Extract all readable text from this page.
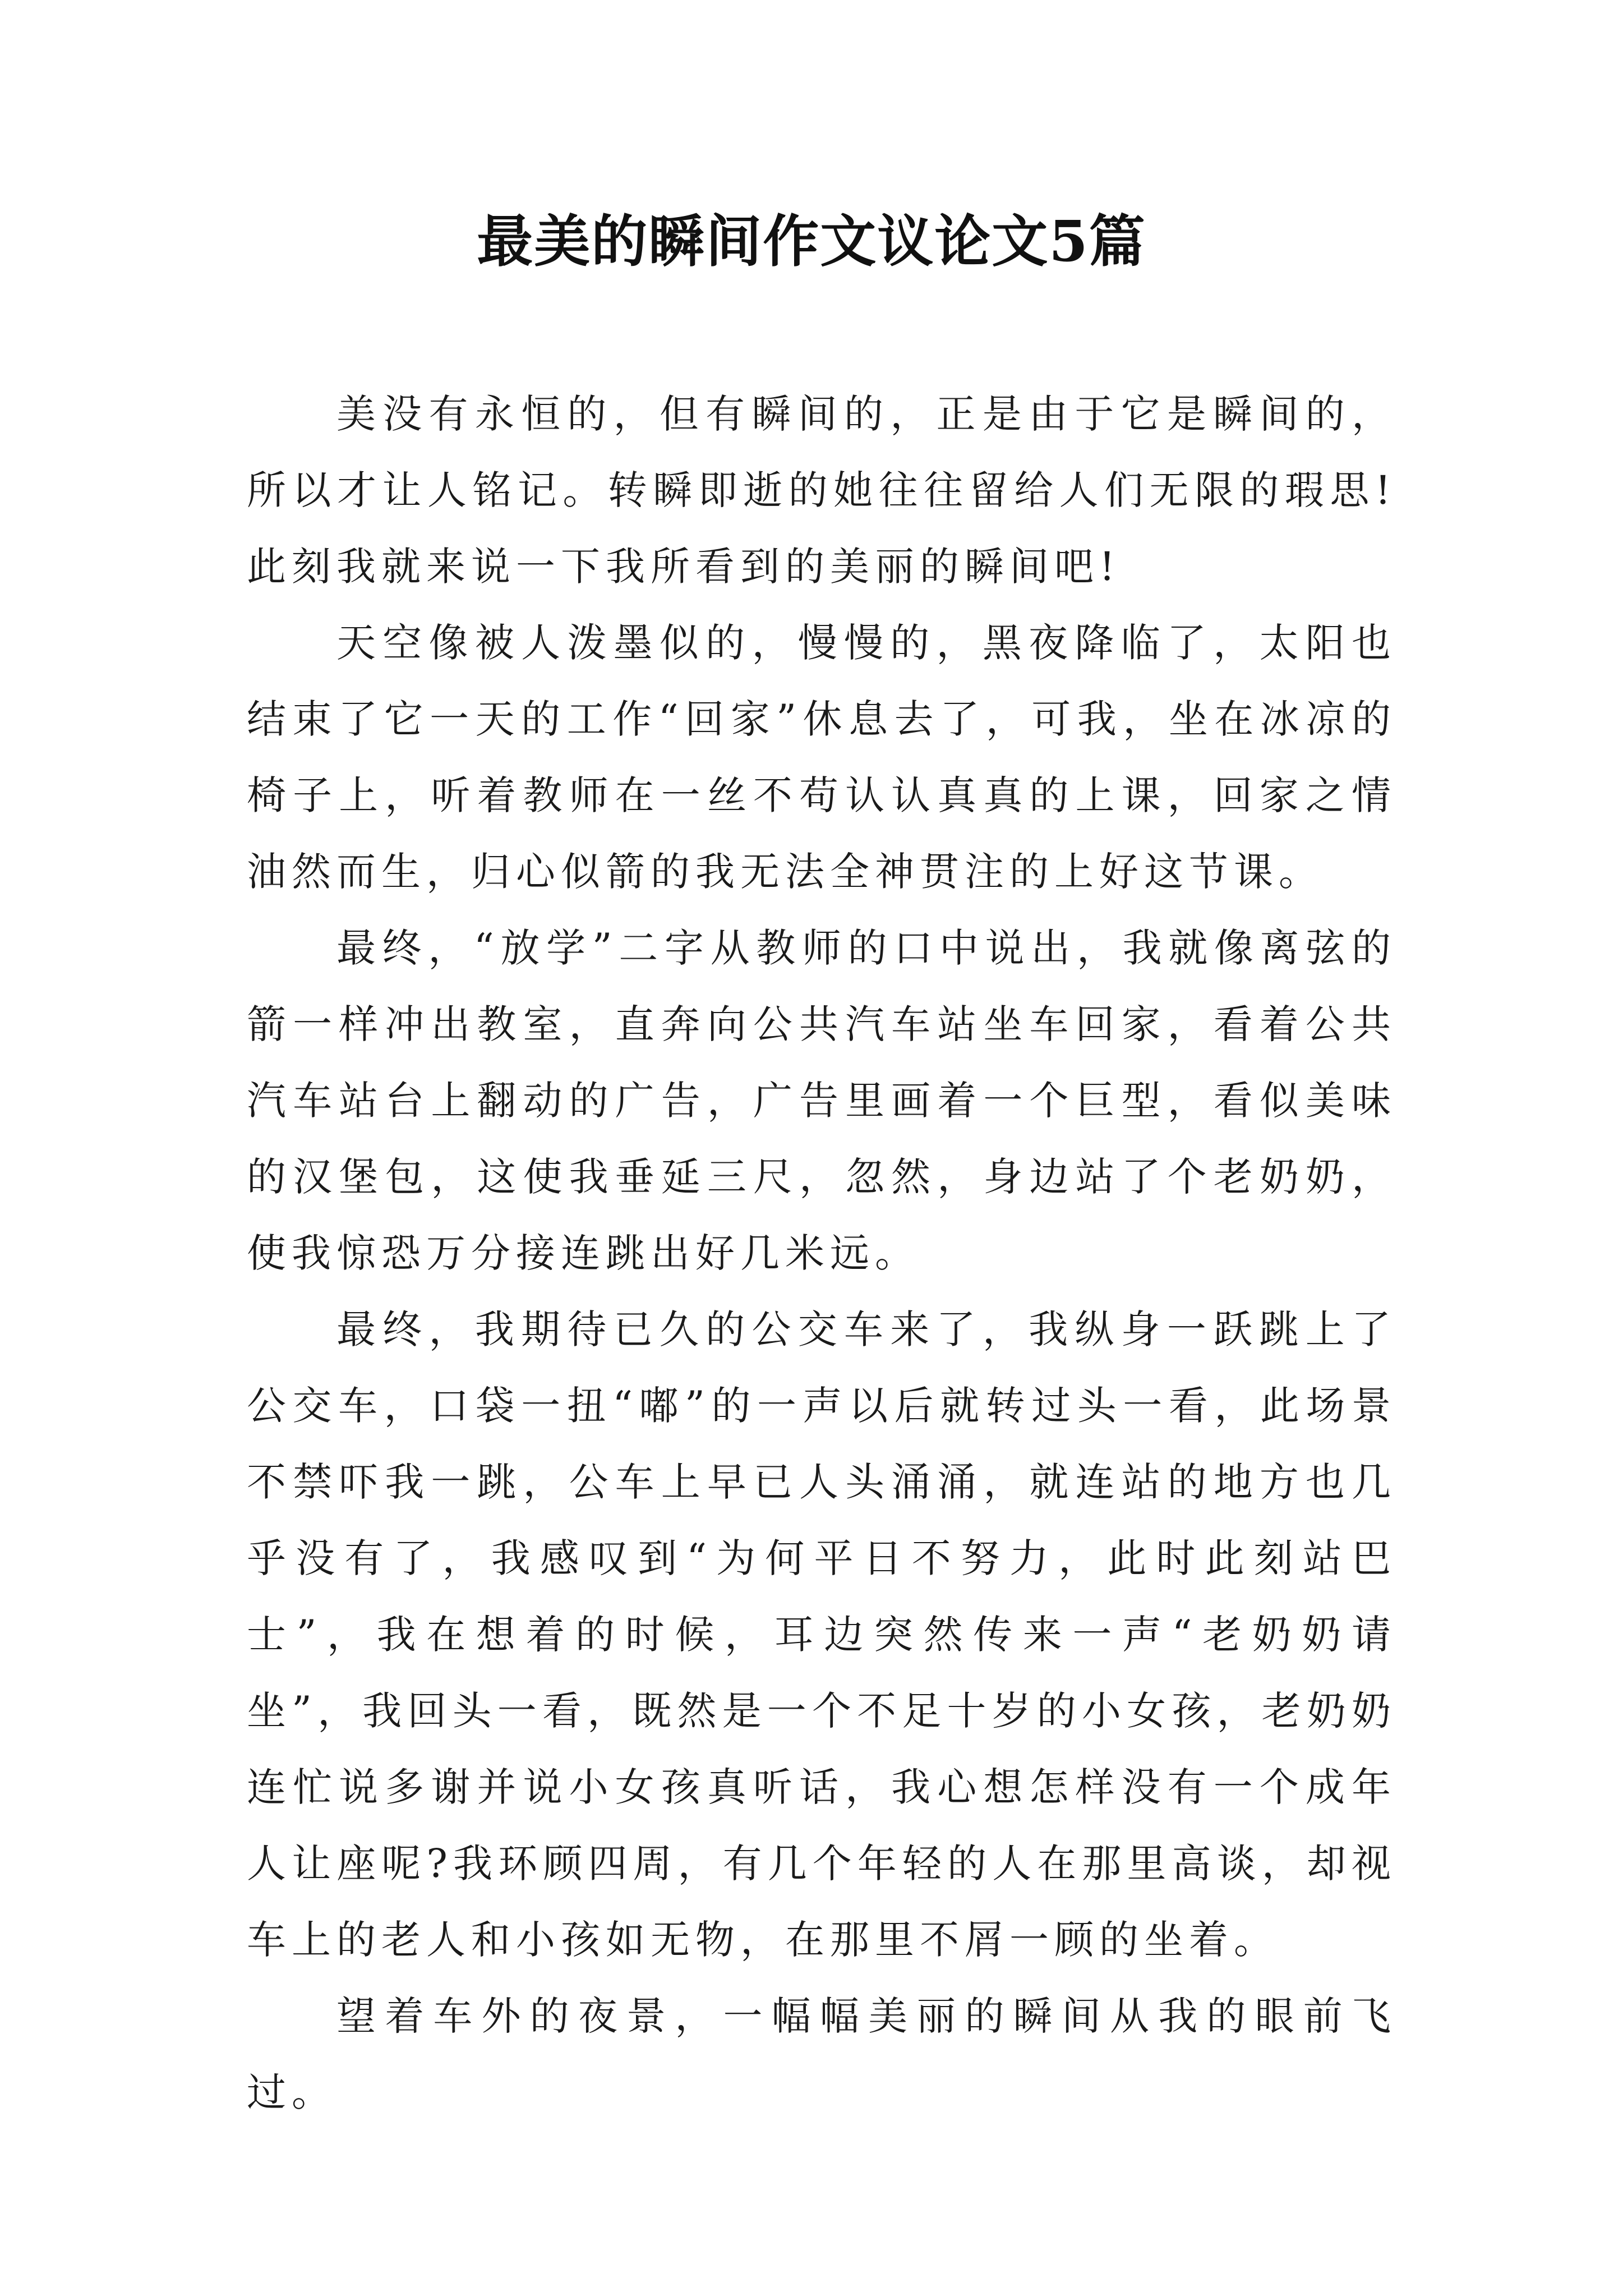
最美的瞬间作文议论文5篇

美没有永恒的，但有瞬间的，正是由于它是瞬间的，所以才让人铭记。转瞬即逝的她往往留给人们无限的瑕思!此刻我就来说一下我所看到的美丽的瞬间吧!

天空像被人泼墨似的，慢慢的，黑夜降临了，太阳也结束了它一天的工作“回家”休息去了，可我，坐在冰凉的椅子上，听着教师在一丝不苟认认真真的上课，回家之情油然而生，归心似箭的我无法全神贯注的上好这节课。

最终，“放学”二字从教师的口中说出，我就像离弦的箭一样冲出教室，直奔向公共汽车站坐车回家，看着公共汽车站台上翻动的广告，广告里画着一个巨型，看似美味的汉堡包，这使我垂延三尺，忽然，身边站了个老奶奶，使我惊恐万分接连跳出好几米远。

最终，我期待已久的公交车来了，我纵身一跃跳上了公交车，口袋一扭“嘟”的一声以后就转过头一看，此场景不禁吓我一跳，公车上早已人头涌涌，就连站的地方也几乎没有了，我感叹到“为何平日不努力，此时此刻站巴士”，我在想着的时候，耳边突然传来一声“老奶奶请坐”，我回头一看，既然是一个不足十岁的小女孩，老奶奶连忙说多谢并说小女孩真听话，我心想怎样没有一个成年人让座呢?我环顾四周，有几个年轻的人在那里高谈，却视车上的老人和小孩如无物，在那里不屑一顾的坐着。

望着车外的夜景，一幅幅美丽的瞬间从我的眼前飞过。
